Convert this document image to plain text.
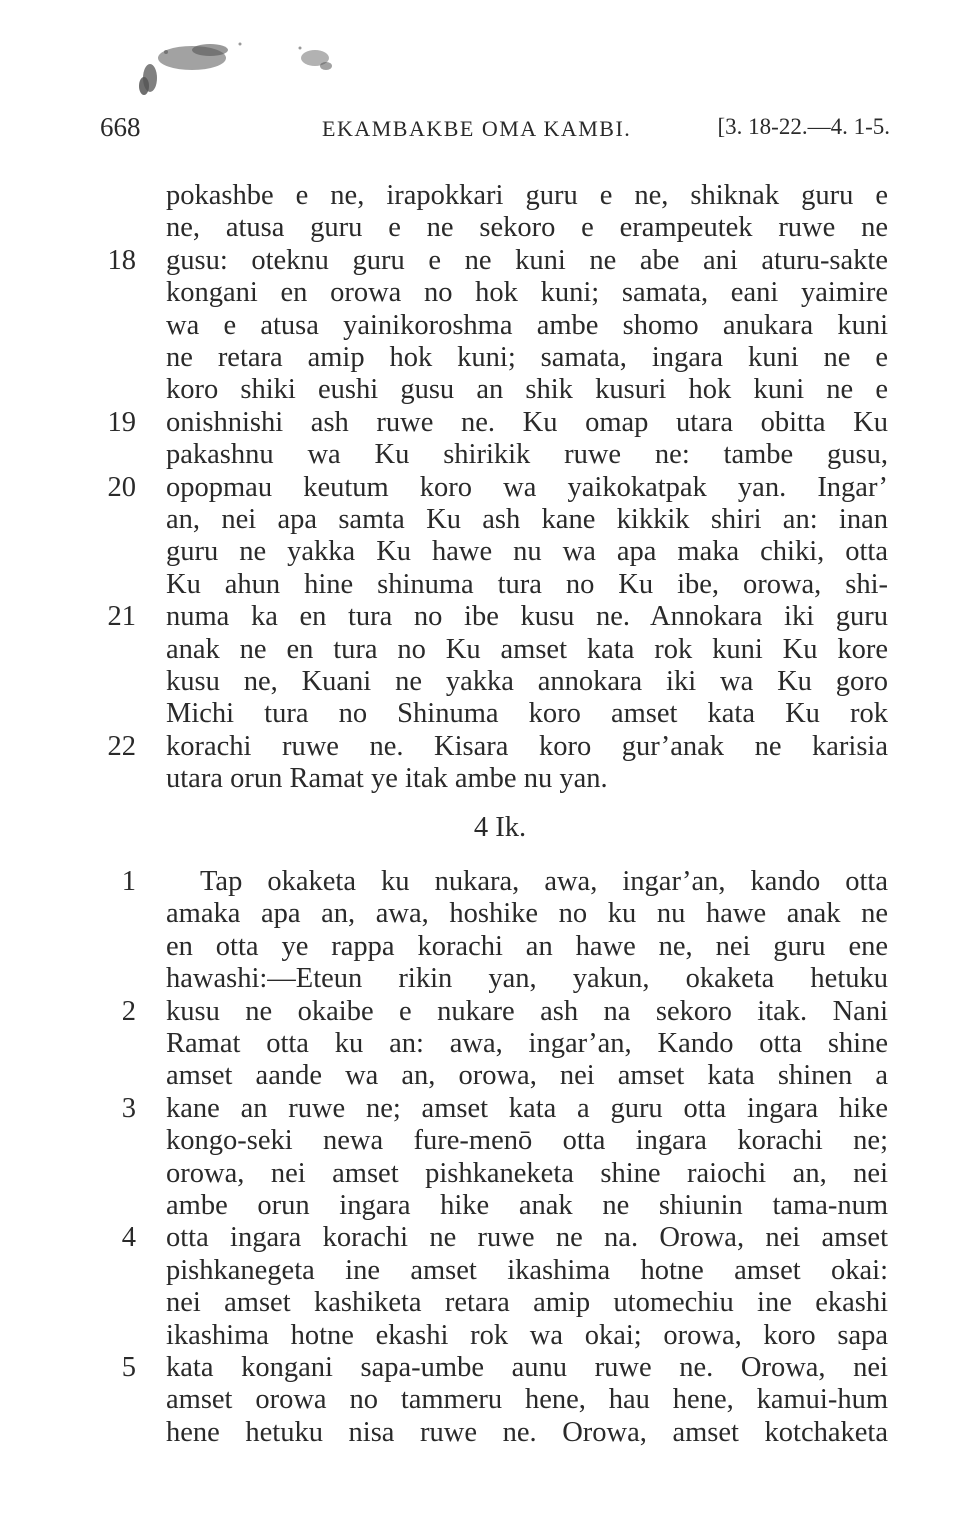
668	EKAMBAKBE OMA KAMBI.	[3. 18-22.—4. 1-5.
pokashbe e ne, irapokkari guru e ne, shiknak guru e
ne, atusa guru e ne sekoro e erampeutek ruwe ne
gusu: oteknu guru e ne kuni ne abe ani aturu-sakte
kongani en orowa no hok kuni; samata, eani yaimire
wa e atusa yainikoroshma ambe shomo anukara kuni
ne retara amip hok kuni; samata, ingara kuni ne e
koro shiki eushi gusu an shik kusuri hok kuni ne e
onishnishi ash ruwe ne. Ku omap utara obitta Ku
pakashnu wa Ku shirikik ruwe ne: tambe gusu,
opopmau keutum koro wa yaikokatpak yan. Ingar’
an, nei apa samta Ku ash kane kikkik shiri an: inan
guru ne yakka Ku hawe nu wa apa maka chiki, otta
Ku ahun hine shinuma tura no Ku ibe, orowa, shi-
numa ka en tura no ibe kusu ne. Annokara iki guru
anak ne en tura no Ku amset kata rok kuni Ku kore
kusu ne, Kuani ne yakka annokara iki wa Ku goro
Michi tura no Shinuma koro amset kata Ku rok
korachi ruwe ne. Kisara koro gur’anak ne karisia
utara orun Ramat ye itak ambe nu yan.
18
19
20
21
22
4 Ik.
Tap okaketa ku nukara, awa, ingar’an, kando otta
amaka apa an, awa, hoshike no ku nu hawe anak ne
en otta ye rappa korachi an hawe ne, nei guru ene
hawashi:—Eteun rikin yan, yakun, okaketa hetuku
kusu ne okaibe e nukare ash na sekoro itak. Nani
Ramat otta ku an: awa, ingar’an, Kando otta shine
amset aande wa an, orowa, nei amset kata shinen a
kane an ruwe ne; amset kata a guru otta ingara hike
kongo-seki newa fure-menō otta ingara korachi ne;
orowa, nei amset pishkaneketa shine raiochi an, nei
ambe orun ingara hike anak ne shiunin tama-num
otta ingara korachi ne ruwe ne na. Orowa, nei amset
pishkanegeta ine amset ikashima hotne amset okai:
nei amset kashiketa retara amip utomechiu ine ekashi
ikashima hotne ekashi rok wa okai; orowa, koro sapa
kata kongani sapa-umbe aunu ruwe ne. Orowa, nei
amset orowa no tammeru hene, hau hene, kamui-hum
hene hetuku nisa ruwe ne. Orowa, amset kotchaketa
1
2
3
4
5
